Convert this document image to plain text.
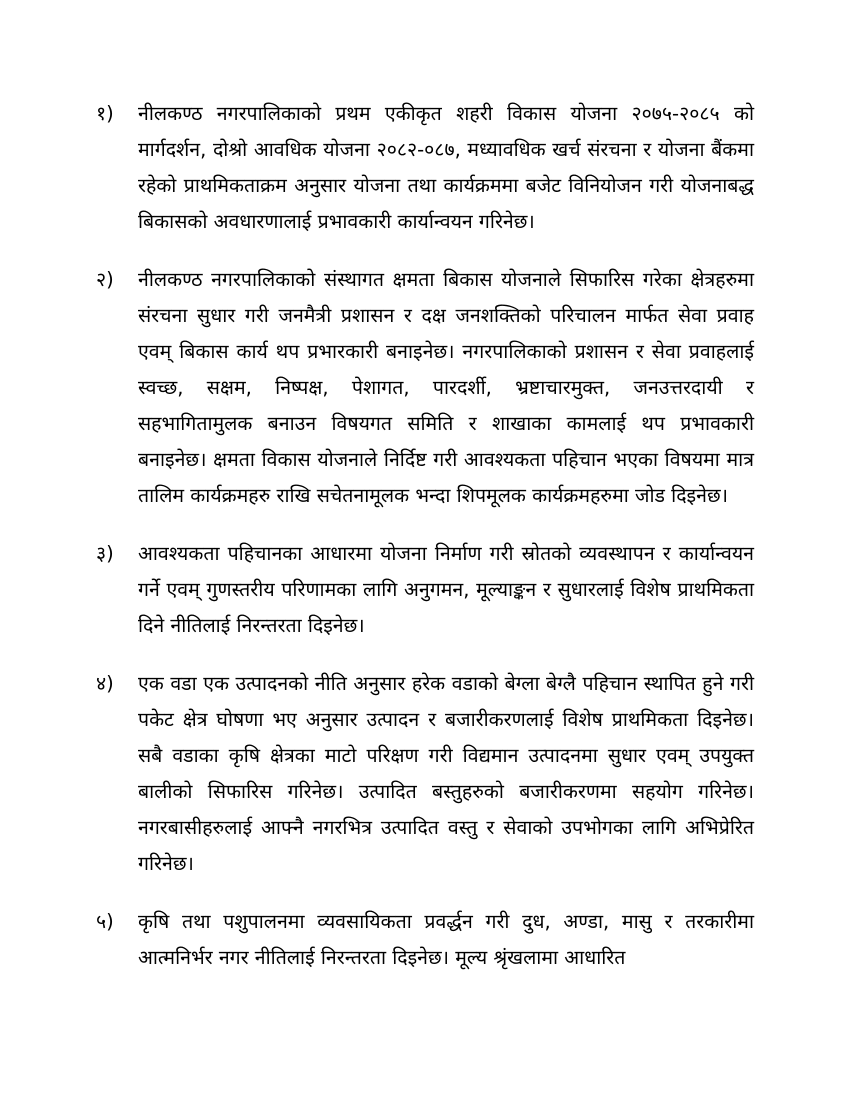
१) नीलकण्ठ नगरपालिकाको प्रथम एकीकृत शहरी विकास योजना २०७५-२०८५ को मार्गदर्शन, दोश्रो आवधिक योजना २०८२-०८७, मध्यावधिक खर्च संरचना र योजना बैंकमा रहेको प्राथमिकताक्रम अनुसार योजना तथा कार्यक्रममा बजेट विनियोजन गरी योजनाबद्ध बिकासको अवधारणालाई प्रभावकारी कार्यान्वयन गरिनेछ।
२) नीलकण्ठ नगरपालिकाको संस्थागत क्षमता बिकास योजनाले सिफारिस गरेका क्षेत्रहरुमा संरचना सुधार गरी जनमैत्री प्रशासन र दक्ष जनशक्तिको परिचालन मार्फत सेवा प्रवाह एवम् बिकास कार्य थप प्रभारकारी बनाइनेछ। नगरपालिकाको प्रशासन र सेवा प्रवाहलाई स्वच्छ, सक्षम, निष्पक्ष, पेशागत, पारदर्शी, भ्रष्टाचारमुक्त, जनउत्तरदायी र सहभागितामुलक बनाउन विषयगत समिति र शाखाका कामलाई थप प्रभावकारी बनाइनेछ। क्षमता विकास योजनाले निर्दिष्ट गरी आवश्यकता पहिचान भएका विषयमा मात्र तालिम कार्यक्रमहरु राखि सचेतनामूलक भन्दा शिपमूलक कार्यक्रमहरुमा जोड दिइनेछ।
३) आवश्यकता पहिचानका आधारमा योजना निर्माण गरी स्रोतको व्यवस्थापन र कार्यान्वयन गर्ने एवम् गुणस्तरीय परिणामका लागि अनुगमन, मूल्याङ्कन र सुधारलाई विशेष प्राथमिकता दिने नीतिलाई निरन्तरता दिइनेछ।
४) एक वडा एक उत्पादनको नीति अनुसार हरेक वडाको बेग्ला बेग्लै पहिचान स्थापित हुने गरी पकेट क्षेत्र घोषणा भए अनुसार उत्पादन र बजारीकरणलाई विशेष प्राथमिकता दिइनेछ। सबै वडाका कृषि क्षेत्रका माटो परिक्षण गरी विद्यमान उत्पादनमा सुधार एवम् उपयुक्त बालीको सिफारिस गरिनेछ। उत्पादित बस्तुहरुको बजारीकरणमा सहयोग गरिनेछ। नगरबासीहरुलाई आफ्नै नगरभित्र उत्पादित वस्तु र सेवाको उपभोगका लागि अभिप्रेरित गरिनेछ।
५) कृषि तथा पशुपालनमा व्यवसायिकता प्रवर्द्धन गरी दुध, अण्डा, मासु र तरकारीमा आत्मनिर्भर नगर नीतिलाई निरन्तरता दिइनेछ। मूल्य श्रृंखलामा आधारित
